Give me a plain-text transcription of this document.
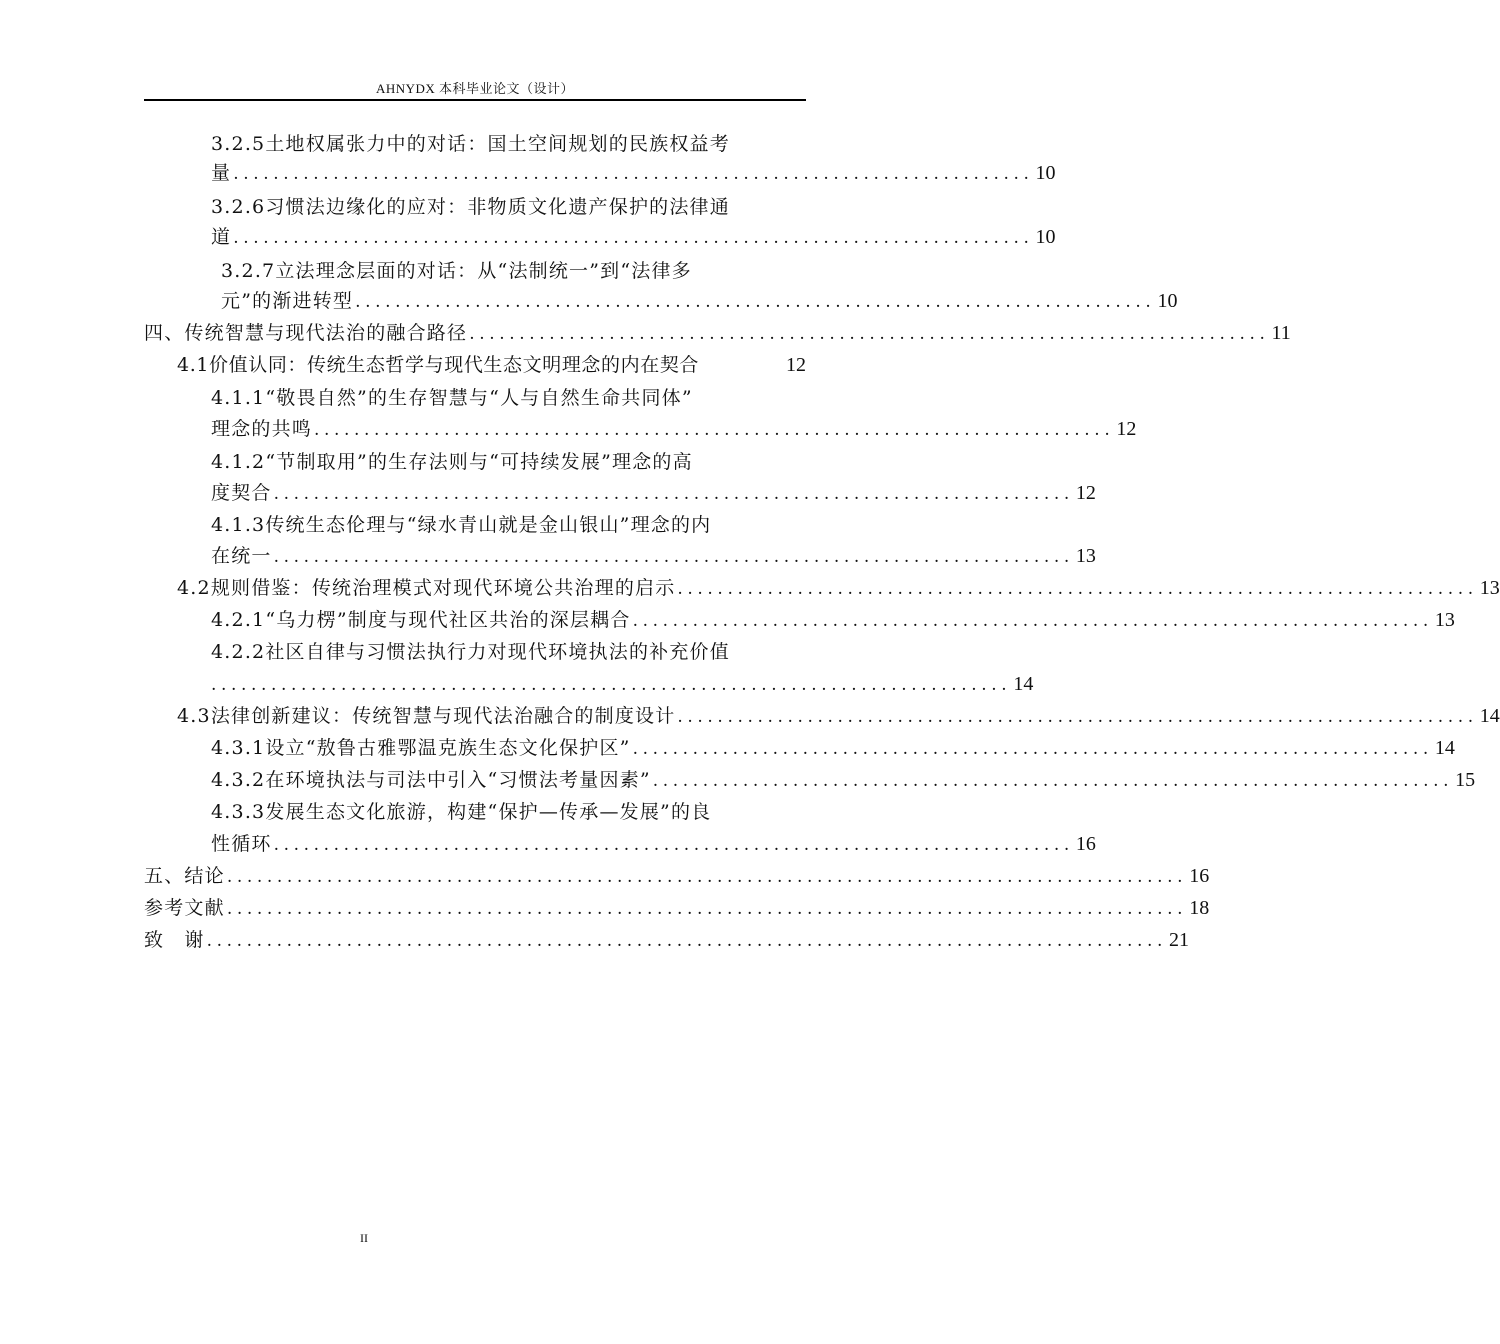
AHNYDX 本科毕业论文（设计）
3.2.5土地权属张力中的对话：国土空间规划的民族权益考
量 ................................................................................ 10
3.2.6习惯法边缘化的应对：非物质文化遗产保护的法律通
道 ................................................................................ 10
3.2.7立法理念层面的对话：从“法制统一”到“法律多
元”的渐进转型 ................................................................................ 10
四、传统智慧与现代法治的融合路径 ................................................................................ 11
4.1价值认同：传统生态哲学与现代生态文明理念的内在契合	12
4.1.1“敬畏自然”的生存智慧与“人与自然生命共同体”
理念的共鸣 ................................................................................ 12
4.1.2“节制取用”的生存法则与“可持续发展”理念的高
度契合 ................................................................................ 12
4.1.3传统生态伦理与“绿水青山就是金山银山”理念的内
在统一 ................................................................................ 13
4.2规则借鉴：传统治理模式对现代环境公共治理的启示 ................................................................................ 13
4.2.1“乌力楞”制度与现代社区共治的深层耦合 ................................................................................ 13
4.2.2社区自律与习惯法执行力对现代环境执法的补充价值
................................................................................ 14
4.3法律创新建议：传统智慧与现代法治融合的制度设计 ................................................................................ 14
4.3.1设立“敖鲁古雅鄂温克族生态文化保护区” ................................................................................ 14
4.3.2在环境执法与司法中引入“习惯法考量因素” ................................................................................ 15
4.3.3发展生态文化旅游，构建“保护—传承—发展”的良
性循环 ................................................................................ 16
五、结论 ................................................................................................ 16
参考文献 ................................................................................................ 18
致　谢 ................................................................................................ 21
II
